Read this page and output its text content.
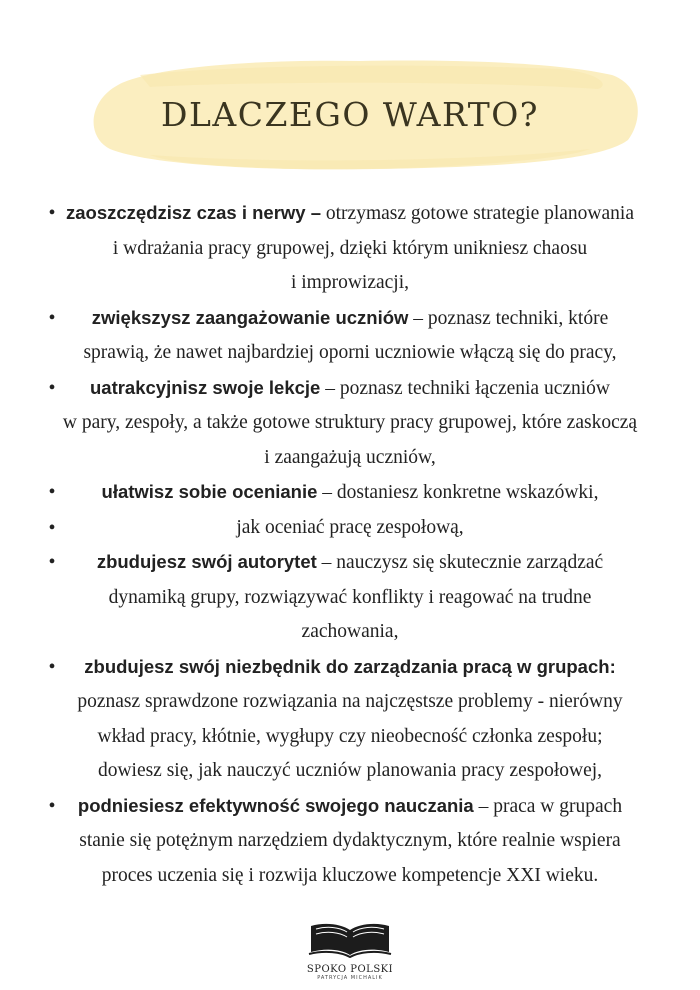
DLACZEGO WARTO?
• zaoszczędzisz czas i nerwy – otrzymasz gotowe strategie planowania
i wdrażania pracy grupowej, dzięki którym unikniesz chaosu
i improwizacji,
•	zwiększysz zaangażowanie uczniów – poznasz techniki, które
sprawią, że nawet najbardziej oporni uczniowie włączą się do pracy,
•	uatrakcyjnisz swoje lekcje – poznasz techniki łączenia uczniów
w pary, zespoły, a także gotowe struktury pracy grupowej, które zaskoczą
i zaangażują uczniów,
•	ułatwisz sobie ocenianie – dostaniesz konkretne wskazówki,
•	jak oceniać pracę zespołową,
•	zbudujesz swój autorytet – nauczysz się skutecznie zarządzać
dynamiką grupy, rozwiązywać konflikty i reagować na trudne
zachowania,
•	zbudujesz swój niezbędnik do zarządzania pracą w grupach:
poznasz sprawdzone rozwiązania na najczęstsze problemy - nierówny
wkład pracy, kłótnie, wygłupy czy nieobecność członka zespołu;
dowiesz się, jak nauczyć uczniów planowania pracy zespołowej,
•	podniesiesz efektywność swojego nauczania – praca w grupach
stanie się potężnym narzędziem dydaktycznym, które realnie wspiera
proces uczenia się i rozwija kluczowe kompetencje XXI wieku.
SPOKO POLSKI
PATRYCJA MICHALIK
